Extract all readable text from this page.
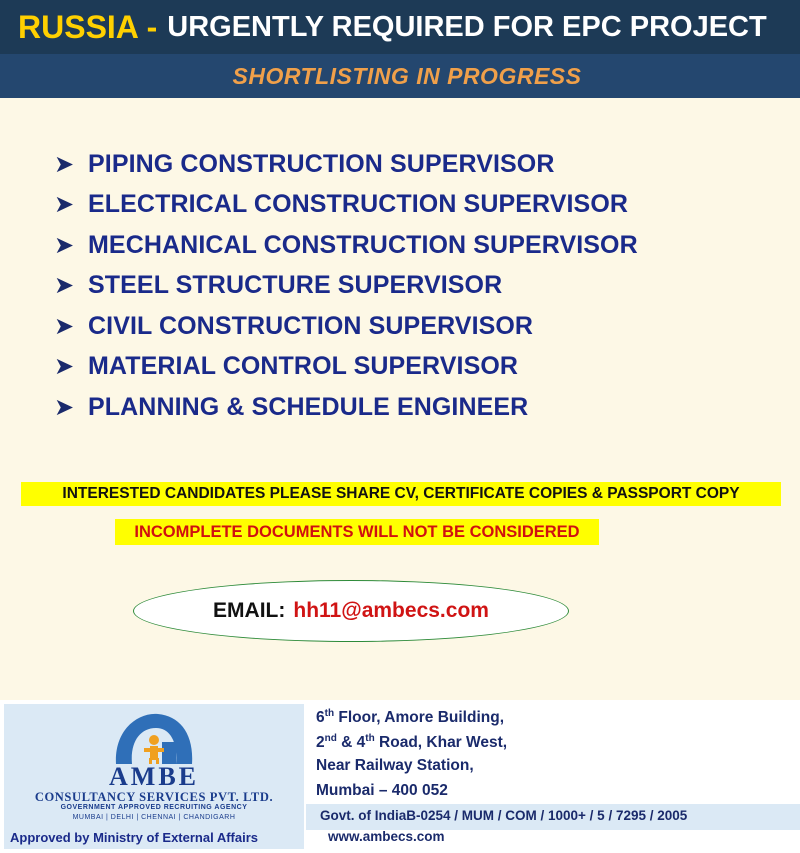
RUSSIA - URGENTLY REQUIRED FOR EPC PROJECT
SHORTLISTING IN PROGRESS
➤ PIPING CONSTRUCTION SUPERVISOR
➤ ELECTRICAL CONSTRUCTION SUPERVISOR
➤ MECHANICAL CONSTRUCTION SUPERVISOR
➤ STEEL STRUCTURE SUPERVISOR
➤ CIVIL CONSTRUCTION SUPERVISOR
➤ MATERIAL CONTROL SUPERVISOR
➤ PLANNING & SCHEDULE ENGINEER
INTERESTED CANDIDATES PLEASE SHARE CV, CERTIFICATE COPIES & PASSPORT COPY
INCOMPLETE DOCUMENTS WILL NOT BE CONSIDERED
EMAIL: hh11@ambecs.com
AMBE
CONSULTANCY SERVICES PVT. LTD.
GOVERNMENT APPROVED RECRUITING AGENCY
MUMBAI | DELHI | CHENNAI | CHANDIGARH
Approved by Ministry of External Affairs
6th Floor, Amore Building,
2nd & 4th Road, Khar West,
Near Railway Station,
Mumbai – 400 052
Govt. of IndiaB-0254 / MUM / COM / 1000+ / 5 / 7295 / 2005
www.ambecs.com
